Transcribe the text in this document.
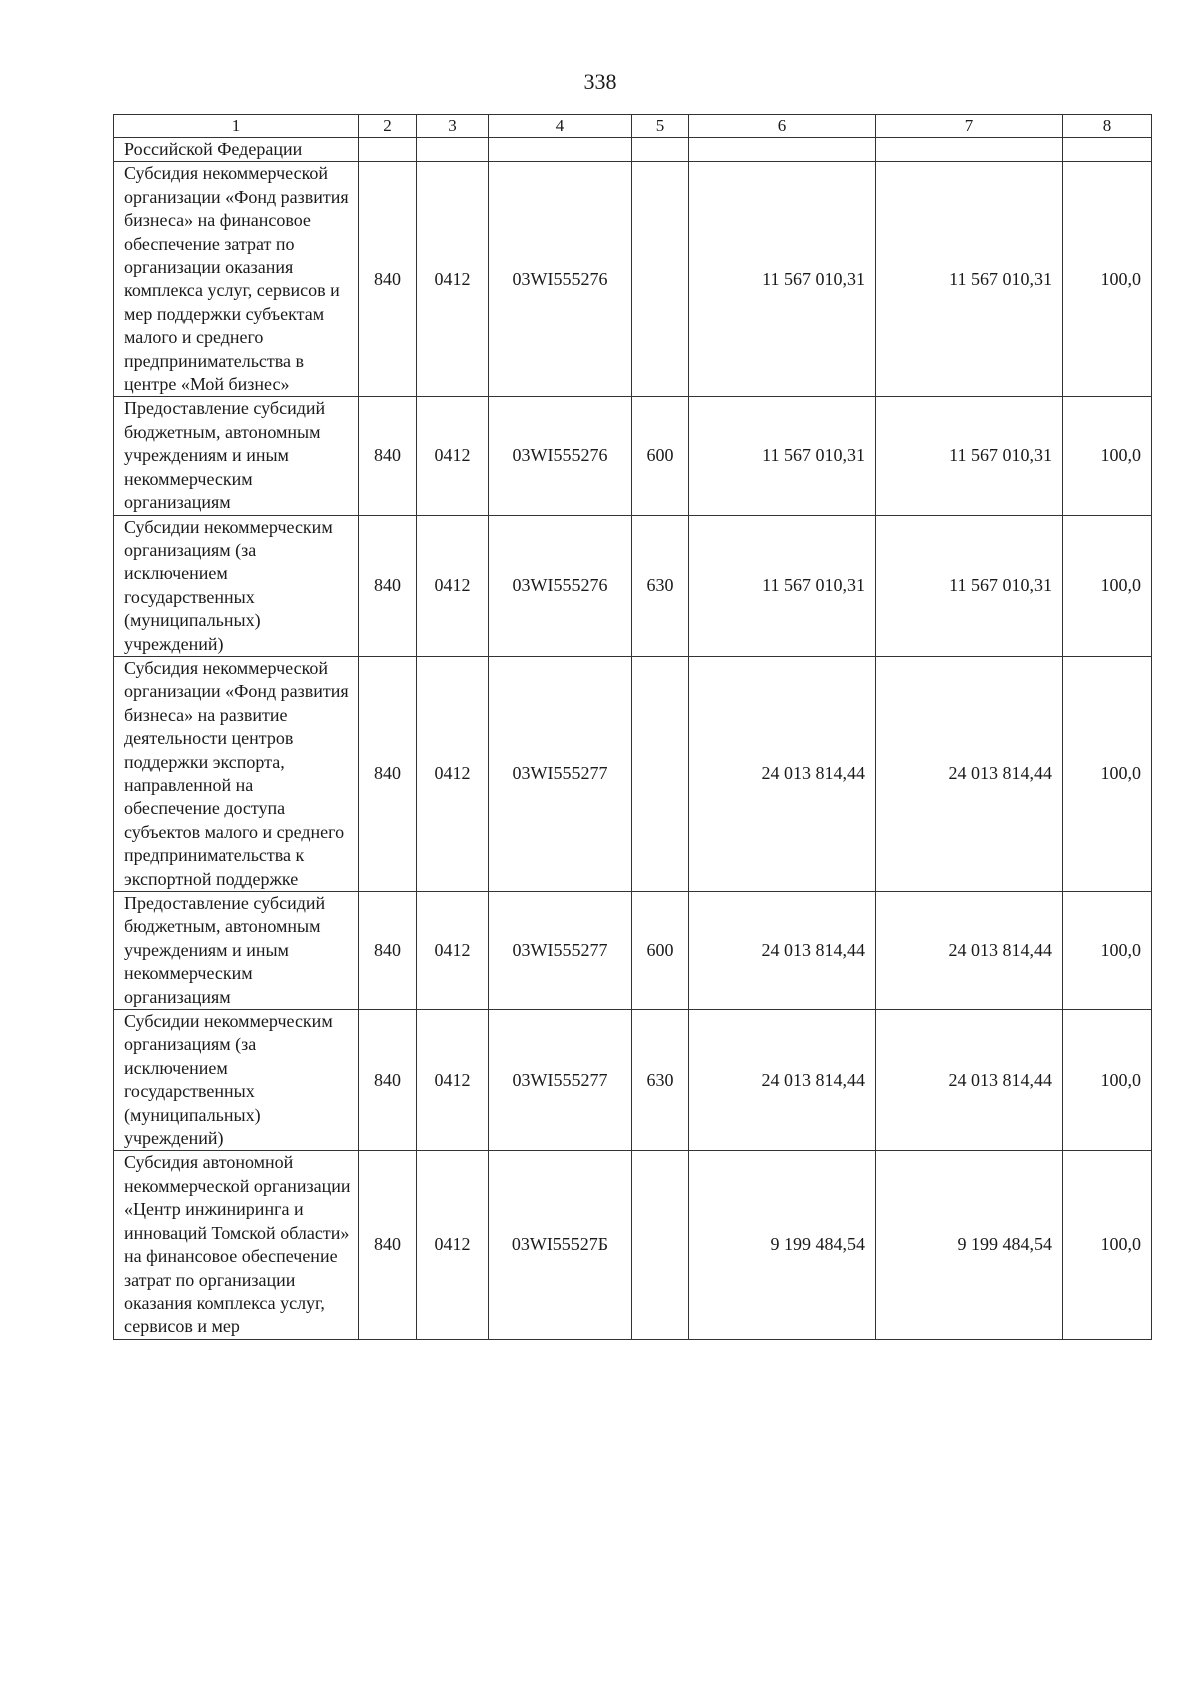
338
1	2	3	4	5	6	7	8
Российской Федерации							
Субсидия некоммерческой организации «Фонд развития бизнеса» на финансовое обеспечение затрат по организации оказания комплекса услуг, сервисов и мер поддержки субъектам малого и среднего предпринимательства в центре «Мой бизнес»	840	0412	03WI555276		11 567 010,31	11 567 010,31	100,0
Предоставление субсидий бюджетным, автономным учреждениям и иным некоммерческим организациям	840	0412	03WI555276	600	11 567 010,31	11 567 010,31	100,0
Субсидии некоммерческим организациям (за исключением государственных (муниципальных) учреждений)	840	0412	03WI555276	630	11 567 010,31	11 567 010,31	100,0
Субсидия некоммерческой организации «Фонд развития бизнеса» на развитие деятельности центров поддержки экспорта, направленной на обеспечение доступа субъектов малого и среднего предпринимательства к экспортной поддержке	840	0412	03WI555277		24 013 814,44	24 013 814,44	100,0
Предоставление субсидий бюджетным, автономным учреждениям и иным некоммерческим организациям	840	0412	03WI555277	600	24 013 814,44	24 013 814,44	100,0
Субсидии некоммерческим организациям (за исключением государственных (муниципальных) учреждений)	840	0412	03WI555277	630	24 013 814,44	24 013 814,44	100,0
Субсидия автономной некоммерческой организации «Центр инжиниринга и инноваций Томской области» на финансовое обеспечение затрат по организации оказания комплекса услуг, сервисов и мер	840	0412	03WI55527Б		9 199 484,54	9 199 484,54	100,0
